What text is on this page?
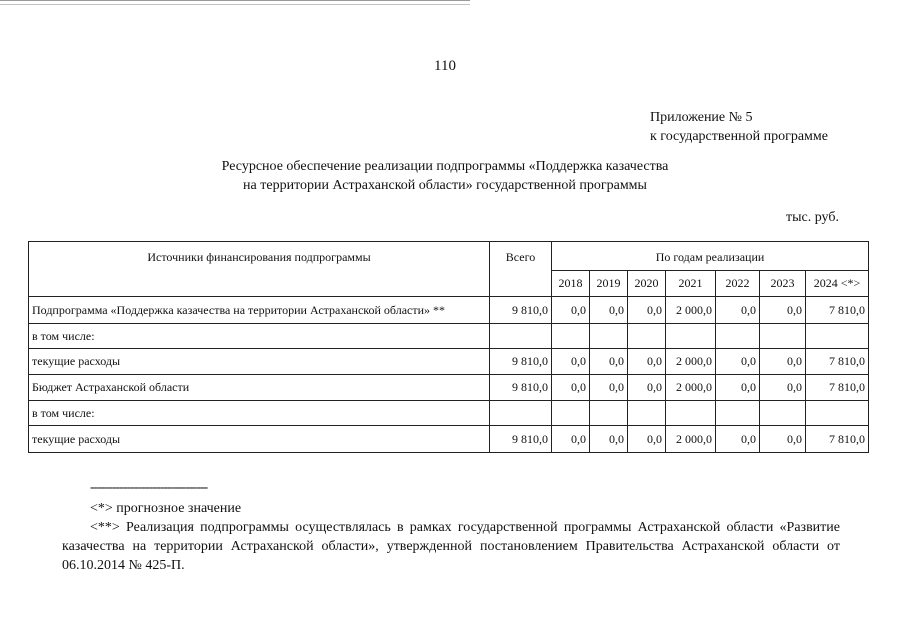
110
Приложение № 5
к государственной программе
Ресурсное обеспечение реализации подпрограммы «Поддержка казачества
на территории Астраханской области» государственной программы
тыс. руб.
Источники финансирования подпрограммы	Всего	По годам реализации						
		2018	2019	2020	2021	2022	2023	2024 <*>
Подпрограмма «Поддержка казачества на территории Астраханской области» **	9 810,0	0,0	0,0	0,0	2 000,0	0,0	0,0	7 810,0
в том числе:								
текущие расходы	9 810,0	0,0	0,0	0,0	2 000,0	0,0	0,0	7 810,0
Бюджет Астраханской области	9 810,0	0,0	0,0	0,0	2 000,0	0,0	0,0	7 810,0
в том числе:								
текущие расходы	9 810,0	0,0	0,0	0,0	2 000,0	0,0	0,0	7 810,0
--------------------------------
<*> прогнозное значение
<**> Реализация подпрограммы осуществлялась в рамках государственной программы Астраханской области «Развитие казачества на территории Астраханской области», утвержденной постановлением Правительства Астраханской области от 06.10.2014 № 425-П.
